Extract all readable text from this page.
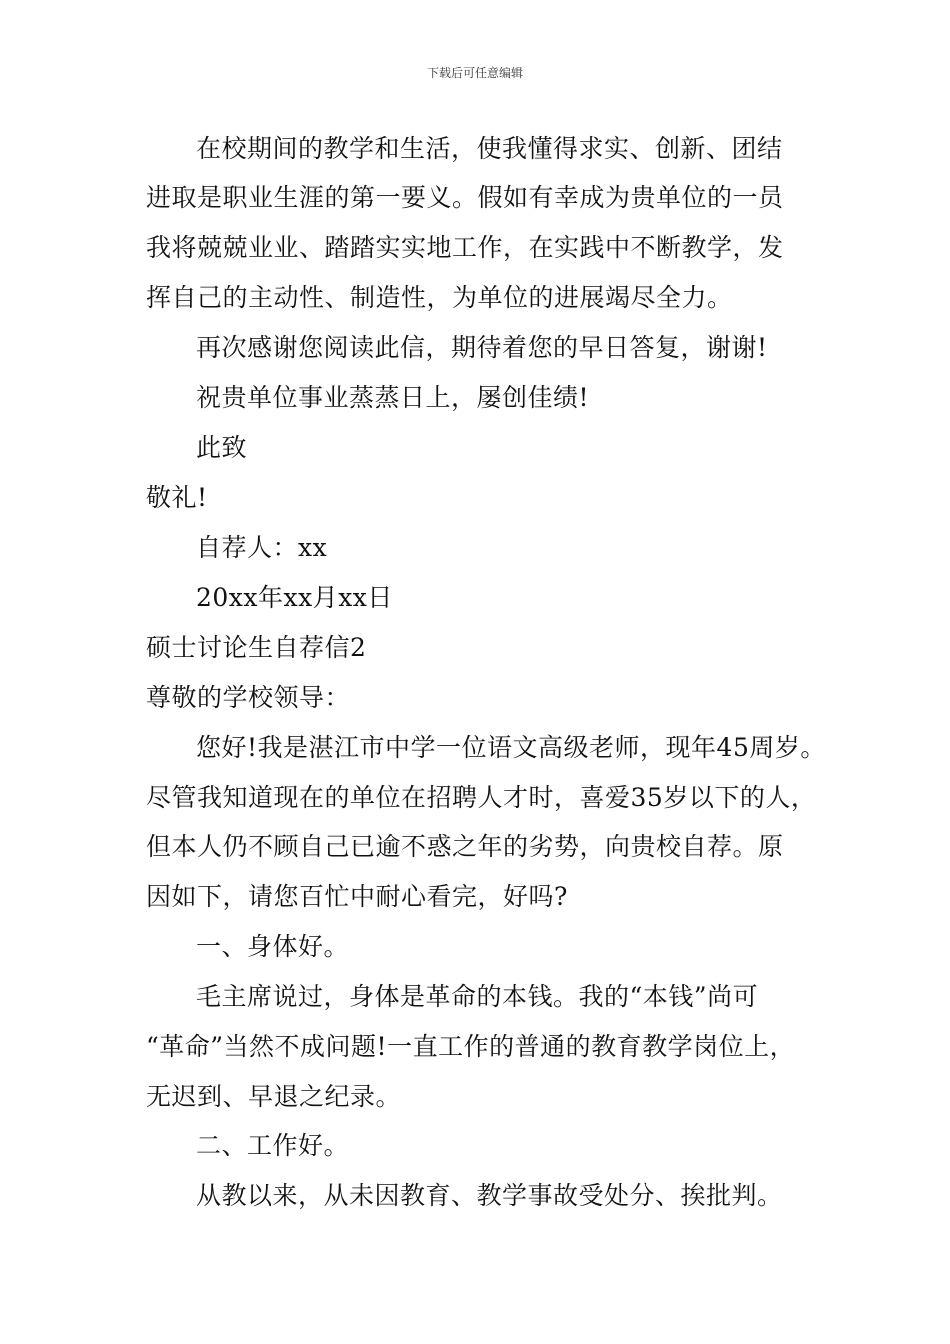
下载后可任意编辑
在校期间的教学和生活，使我懂得求实、创新、团结
进取是职业生涯的第一要义。假如有幸成为贵单位的一员
我将兢兢业业、踏踏实实地工作，在实践中不断教学，发
挥自己的主动性、制造性，为单位的进展竭尽全力。
再次感谢您阅读此信，期待着您的早日答复，谢谢!
祝贵单位事业蒸蒸日上，屡创佳绩!
此致
敬礼!
自荐人：xx
20xx年xx月xx日
硕士讨论生自荐信2
尊敬的学校领导：
您好!我是湛江市中学一位语文高级老师，现年45周岁。
尽管我知道现在的单位在招聘人才时，喜爱35岁以下的人，
但本人仍不顾自己已逾不惑之年的劣势，向贵校自荐。原
因如下，请您百忙中耐心看完，好吗?
一、身体好。
毛主席说过，身体是革命的本钱。我的“本钱”尚可
“革命”当然不成问题!一直工作的普通的教育教学岗位上，
无迟到、早退之纪录。
二、工作好。
从教以来，从未因教育、教学事故受处分、挨批判。
